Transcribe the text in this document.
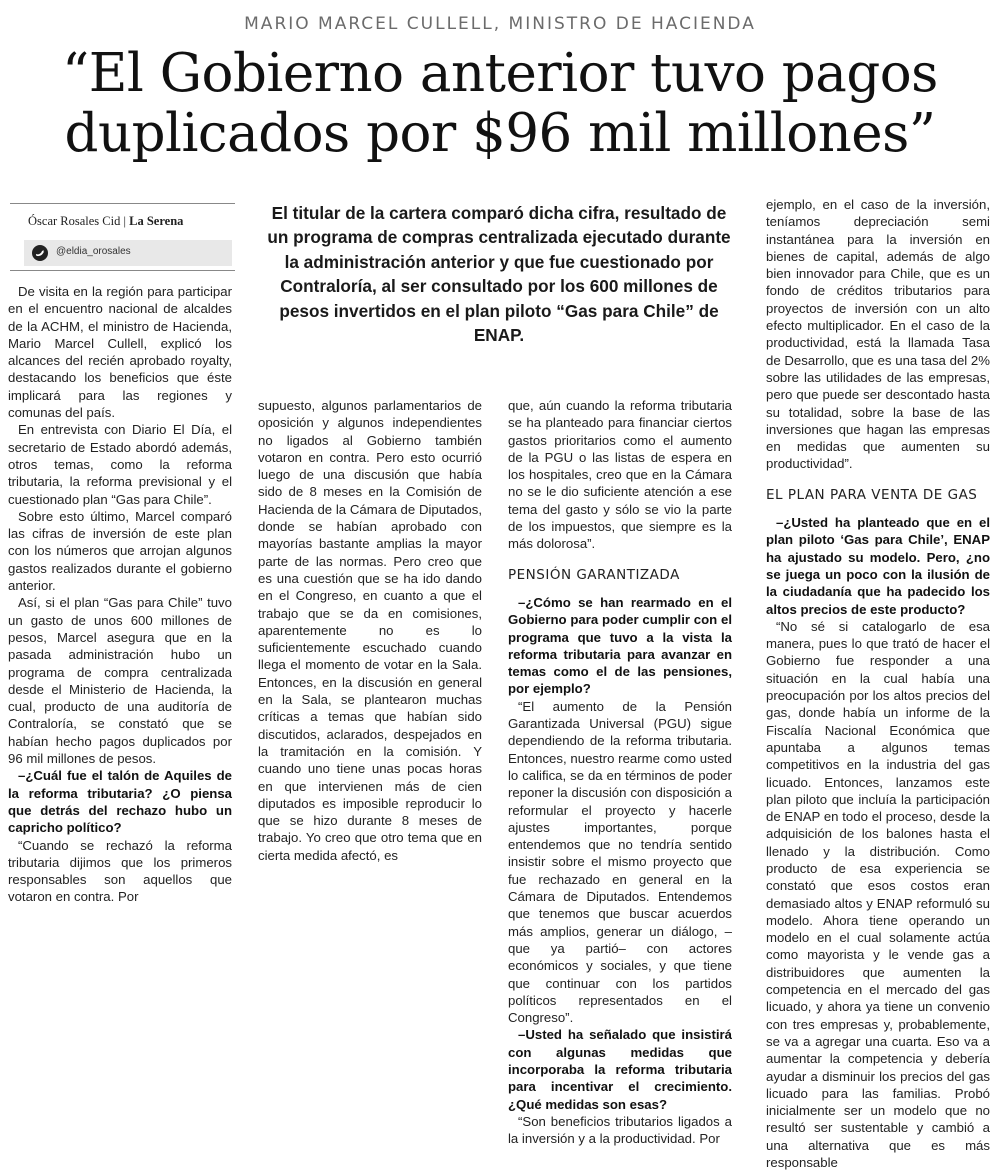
MARIO MARCEL CULLELL, MINISTRO DE HACIENDA
“El Gobierno anterior tuvo pagos
duplicados por $96 mil millones”
Óscar Rosales Cid | La Serena
@eldia_orosales

El titular de la cartera comparó dicha cifra, resultado de un programa de compras centralizada ejecutado durante la administración anterior y que fue cuestionado por Contraloría, al ser consultado por los 600 millones de pesos invertidos en el plan piloto “Gas para Chile” de ENAP.

De visita en la región para participar en el encuentro nacional de alcaldes de la ACHM, el ministro de Hacienda, Mario Marcel Cullell, explicó los alcances del recién aprobado royalty, destacando los beneficios que éste implicará para las regiones y comunas del país.

En entrevista con Diario El Día, el secretario de Estado abordó además, otros temas, como la reforma tributaria, la reforma previsional y el cuestionado plan “Gas para Chile”.

Sobre esto último, Marcel comparó las cifras de inversión de este plan con los números que arrojan algunos gastos realizados durante el gobierno anterior.

Así, si el plan “Gas para Chile” tuvo un gasto de unos 600 millones de pesos, Marcel asegura que en la pasada administración hubo un programa de compra centralizada desde el Ministerio de Hacienda, la cual, producto de una auditoría de Contraloría, se constató que se habían hecho pagos duplicados por 96 mil millones de pesos.

–¿Cuál fue el talón de Aquiles de la reforma tributaria? ¿O piensa que detrás del rechazo hubo un capricho político?

“Cuando se rechazó la reforma tributaria dijimos que los primeros responsables son aquellos que votaron en contra. Por

supuesto, algunos parlamentarios de oposición y algunos independientes no ligados al Gobierno también votaron en contra. Pero esto ocurrió luego de una discusión que había sido de 8 meses en la Comisión de Hacienda de la Cámara de Diputados, donde se habían aprobado con mayorías bastante amplias la mayor parte de las normas. Pero creo que es una cuestión que se ha ido dando en el Congreso, en cuanto a que el trabajo que se da en comisiones, aparentemente no es lo suficientemente escuchado cuando llega el momento de votar en la Sala. Entonces, en la discusión en general en la Sala, se plantearon muchas críticas a temas que habían sido discutidos, aclarados, despejados en la tramitación en la comisión. Y cuando uno tiene unas pocas horas en que intervienen más de cien diputados es imposible reproducir lo que se hizo durante 8 meses de trabajo. Yo creo que otro tema que en cierta medida afectó, es

que, aún cuando la reforma tributaria se ha planteado para financiar ciertos gastos prioritarios como el aumento de la PGU o las listas de espera en los hospitales, creo que en la Cámara no se le dio suficiente atención a ese tema del gasto y sólo se vio la parte de los impuestos, que siempre es la más dolorosa”.

PENSIÓN GARANTIZADA

–¿Cómo se han rearmado en el Gobierno para poder cumplir con el programa que tuvo a la vista la reforma tributaria para avanzar en temas como el de las pensiones, por ejemplo?

“El aumento de la Pensión Garantizada Universal (PGU) sigue dependiendo de la reforma tributaria. Entonces, nuestro rearme como usted lo califica, se da en términos de poder reponer la discusión con disposición a reformular el proyecto y hacerle ajustes importantes, porque entendemos que no tendría sentido insistir sobre el mismo proyecto que fue rechazado en general en la Cámara de Diputados. Entendemos que tenemos que buscar acuerdos más amplios, generar un diálogo, – que ya partió– con actores económicos y sociales, y que tiene que continuar con los partidos políticos representados en el Congreso”.

–Usted ha señalado que insistirá con algunas medidas que incorporaba la reforma tributaria para incentivar el crecimiento. ¿Qué medidas son esas?

“Son beneficios tributarios ligados a la inversión y a la productividad. Por

ejemplo, en el caso de la inversión, teníamos depreciación semi instantánea para la inversión en bienes de capital, además de algo bien innovador para Chile, que es un fondo de créditos tributarios para proyectos de inversión con un alto efecto multiplicador. En el caso de la productividad, está la llamada Tasa de Desarrollo, que es una tasa del 2% sobre las utilidades de las empresas, pero que puede ser descontado hasta su totalidad, sobre la base de las inversiones que hagan las empresas en medidas que aumenten su productividad”.

EL PLAN PARA VENTA DE GAS

–¿Usted ha planteado que en el plan piloto ‘Gas para Chile’, ENAP ha ajustado su modelo. Pero, ¿no se juega un poco con la ilusión de la ciudadanía que ha padecido los altos precios de este producto?

“No sé si catalogarlo de esa manera, pues lo que trató de hacer el Gobierno fue responder a una situación en la cual había una preocupación por los altos precios del gas, donde había un informe de la Fiscalía Nacional Económica que apuntaba a algunos temas competitivos en la industria del gas licuado. Entonces, lanzamos este plan piloto que incluía la participación de ENAP en todo el proceso, desde la adquisición de los balones hasta el llenado y la distribución. Como producto de esa experiencia se constató que esos costos eran demasiado altos y ENAP reformuló su modelo. Ahora tiene operando un modelo en el cual solamente actúa como mayorista y le vende gas a distribuidores que aumenten la competencia en el mercado del gas licuado, y ahora ya tiene un convenio con tres empresas y, probablemente, se va a agregar una cuarta. Eso va a aumentar la competencia y debería ayudar a disminuir los precios del gas licuado para las familias. Probó inicialmente ser un modelo que no resultó ser sustentable y cambió a una alternativa que es más responsable
